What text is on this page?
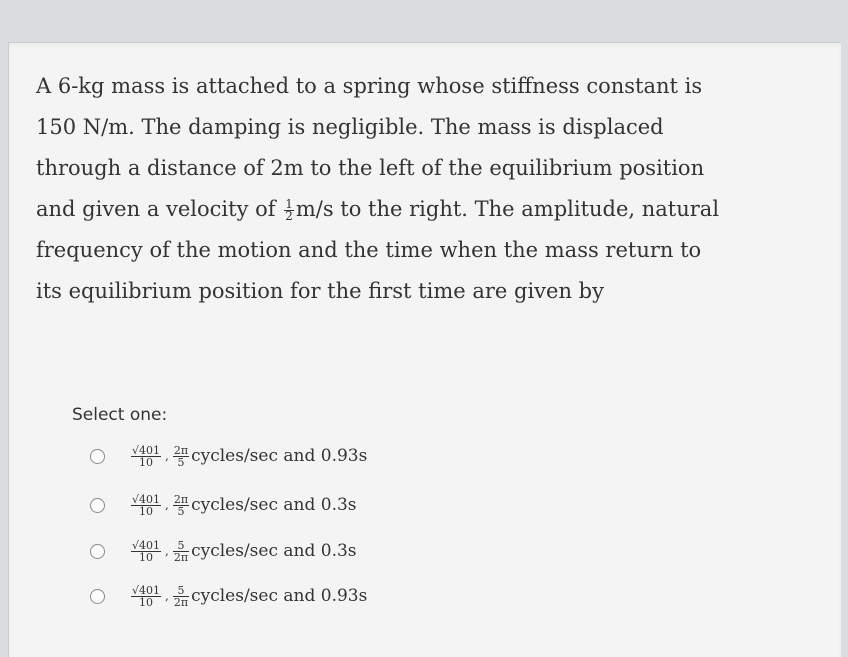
A 6-kg mass is attached to a spring whose stiffness constant is
150 N/m. The damping is negligible. The mass is displaced
through a distance of 2m to the left of the equilibrium position
and given a velocity of $\frac{1}{2} m/s$ to the right. The amplitude, natural
frequency of the motion and the time when the mass return to
its equilibrium position for the first time are given by
Select one:
$\frac{√401}{10}$ , $\frac{2\pi}{5}$ cycles/sec and 0.93s
$\frac{√401}{10}$ , $\frac{2\pi}{5}$ cycles/sec and 0.3s
$\frac{√401}{10}$ , $\frac{5}{2\pi}$ cycles/sec and 0.3s
$\frac{√401}{10}$ , $\frac{5}{2\pi}$ cycles/sec and 0.93s
